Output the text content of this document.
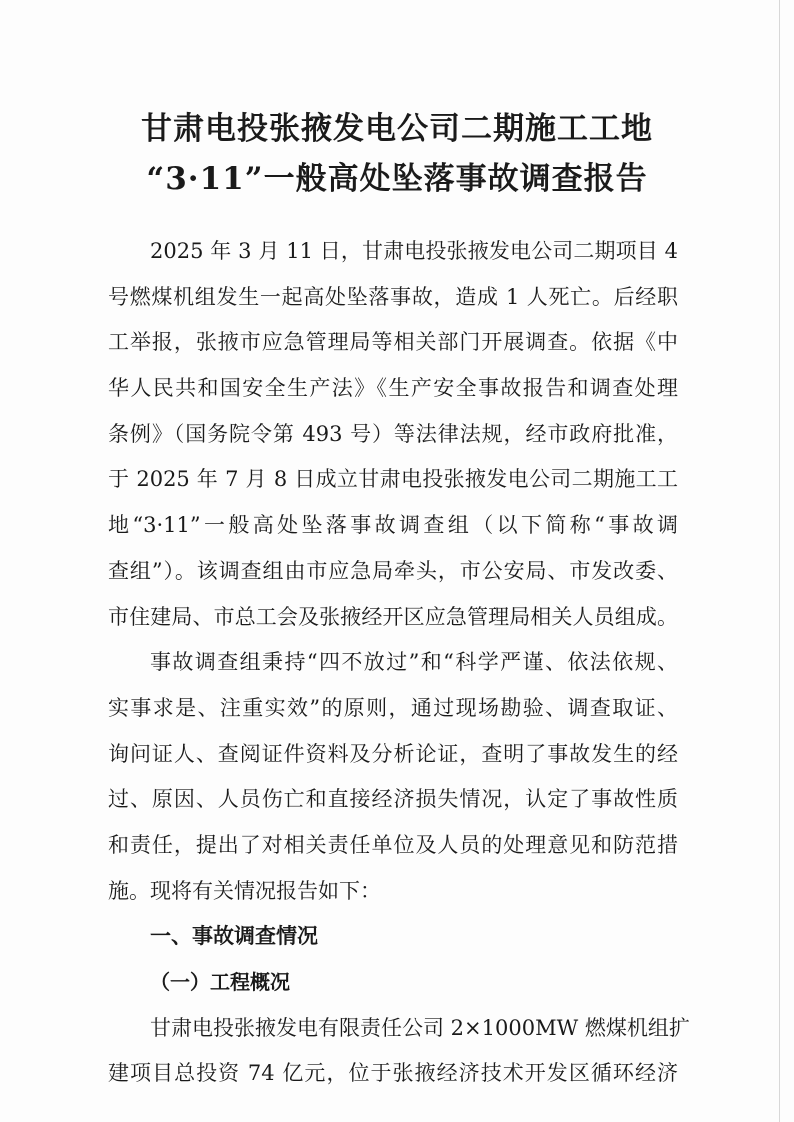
甘肃电投张掖发电公司二期施工工地
“3·11”一般高处坠落事故调查报告

2025 年 3 月 11 日，甘肃电投张掖发电公司二期项目 4

号燃煤机组发生一起高处坠落事故，造成 1 人死亡。后经职

工举报，张掖市应急管理局等相关部门开展调查。依据《中

华人民共和国安全生产法》《生产安全事故报告和调查处理

条例》（国务院令第 493 号）等法律法规，经市政府批准，

于 2025 年 7 月 8 日成立甘肃电投张掖发电公司二期施工工

地“3·11”一般高处坠落事故调查组（以下简称“事故调

查组”）。该调查组由市应急局牵头，市公安局、市发改委、

市住建局、市总工会及张掖经开区应急管理局相关人员组成。

事故调查组秉持“四不放过”和“科学严谨、依法依规、

实事求是、注重实效”的原则，通过现场勘验、调查取证、

询问证人、查阅证件资料及分析论证，查明了事故发生的经

过、原因、人员伤亡和直接经济损失情况，认定了事故性质

和责任，提出了对相关责任单位及人员的处理意见和防范措

施。现将有关情况报告如下：

一、事故调查情况
（一）工程概况

甘肃电投张掖发电有限责任公司 2×1000MW 燃煤机组扩

建项目总投资 74 亿元，位于张掖经济技术开发区循环经济
